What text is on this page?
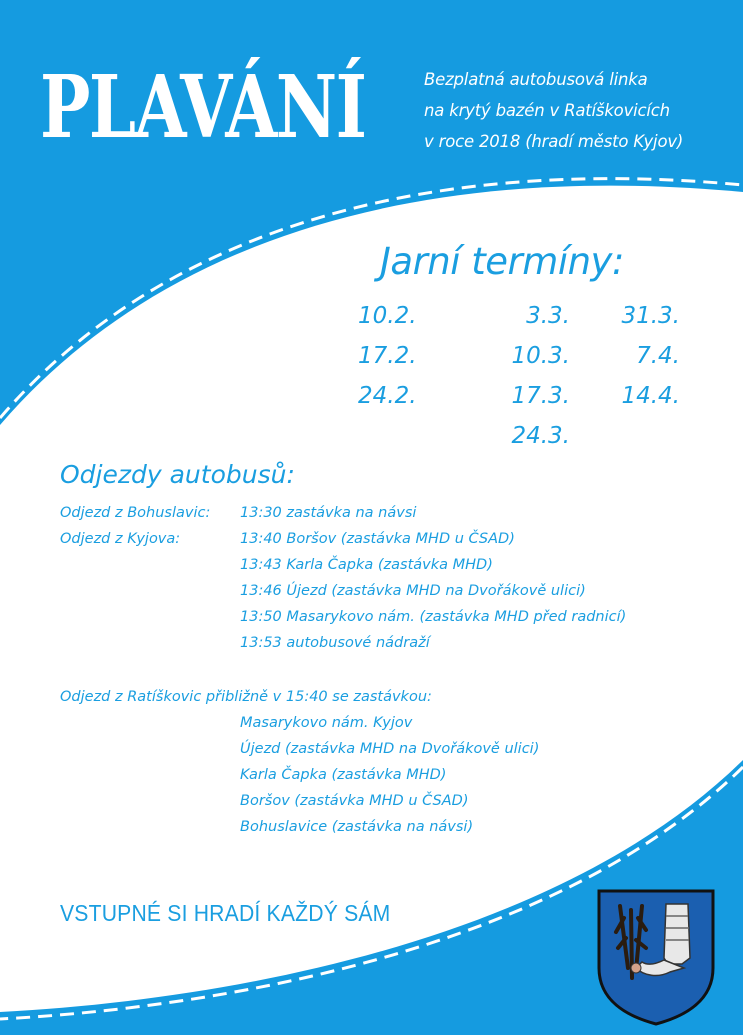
PLAVÁNÍ	Bezplatná autobusová linka
na krytý bazén v Ratíškovicích
v roce 2018 (hradí město Kyjov)
Jarní termíny:
10.2.
17.2.
24.2.
3.3.
10.3.
17.3.
24.3.
31.3.
7.4.
14.4.
Odjezdy autobusů:
Odjezd z Bohuslavic: 13:30 zastávka na návsi
Odjezd z Kyjova:	13:40 Boršov (zastávka MHD u ČSAD)
13:43 Karla Čapka (zastávka MHD)
13:46 Újezd (zastávka MHD na Dvořákově ulici)
13:50 Masarykovo nám. (zastávka MHD před radnicí)
13:53 autobusové nádraží
Odjezd z Ratíškovic přibližně v 15:40 se zastávkou:
Masarykovo nám. Kyjov
Újezd (zastávka MHD na Dvořákově ulici)
Karla Čapka (zastávka MHD)
Boršov (zastávka MHD u ČSAD)
Bohuslavice (zastávka na návsi)
VSTUPNÉ SI HRADÍ KAŽDÝ SÁM
